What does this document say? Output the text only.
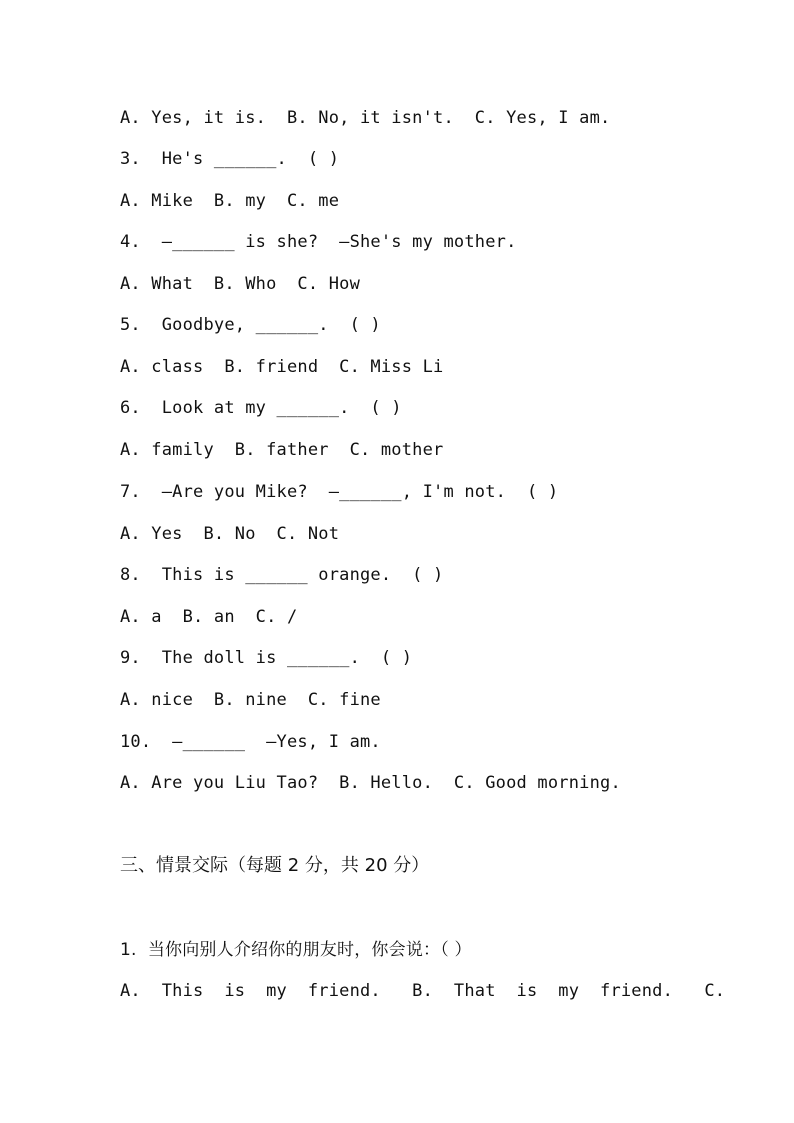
A. Yes, it is.  B. No, it isn't.  C. Yes, I am.
3.  He's ______.  ( )
A. Mike  B. my  C. me
4.  —______ is she?  —She's my mother.
A. What  B. Who  C. How
5.  Goodbye, ______.  ( )
A. class  B. friend  C. Miss Li
6.  Look at my ______.  ( )
A. family  B. father  C. mother
7.  —Are you Mike?  —______, I'm not.  ( )
A. Yes  B. No  C. Not
8.  This is ______ orange.  ( )
A. a  B. an  C. /
9.  The doll is ______.  ( )
A. nice  B. nine  C. fine
10.  —______  —Yes, I am.
A. Are you Liu Tao?  B. Hello.  C. Good morning.
三、情景交际（每题 2 分，共 20 分）
1.  当你向别人介绍你的朋友时，你会说：（ ）
A.  This  is  my  friend.   B.  That  is  my  friend.   C.
